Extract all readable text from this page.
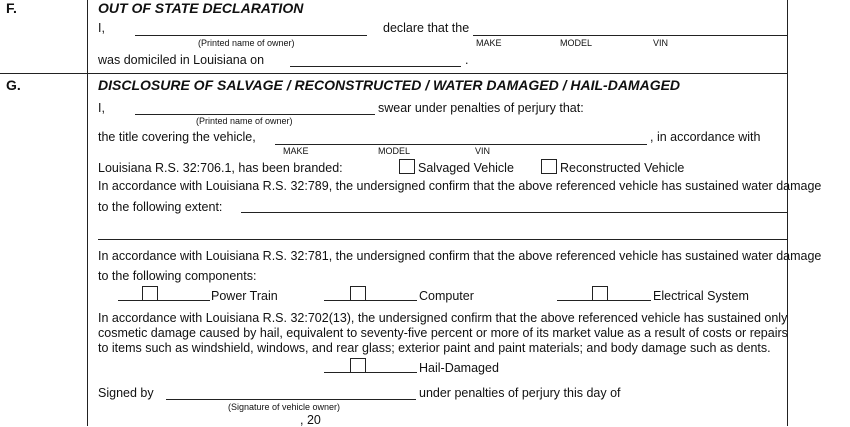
F.	OUT OF STATE DECLARATION
I,
(Printed name of owner)
declare that the
MAKE	MODEL	VIN
was domiciled in Louisiana on	.
G.	DISCLOSURE OF SALVAGE / RECONSTRUCTED / WATER DAMAGED / HAIL-DAMAGED
I,
(Printed name of owner)
swear under penalties of perjury that:
the title covering the vehicle,	, in accordance with
MAKE	MODEL	VIN
Louisiana R.S. 32:706.1, has been branded:	Salvaged Vehicle	Reconstructed Vehicle
In accordance with Louisiana R.S. 32:789, the undersigned confirm that the above referenced vehicle has sustained water damage
to the following extent:
In accordance with Louisiana R.S. 32:781, the undersigned confirm that the above referenced vehicle has sustained water damage
to the following components:
Power Train	Computer	Electrical System
In accordance with Louisiana R.S. 32:702(13), the undersigned confirm that the above referenced vehicle has sustained only
cosmetic damage caused by hail, equivalent to seventy-five percent or more of its market value as a result of costs or repairs
to items such as windshield, windows, and rear glass; exterior paint and paint materials; and body damage such as dents.
Hail-Damaged
Signed by
(Signature of vehicle owner)
under penalties of perjury this day of
, 20
